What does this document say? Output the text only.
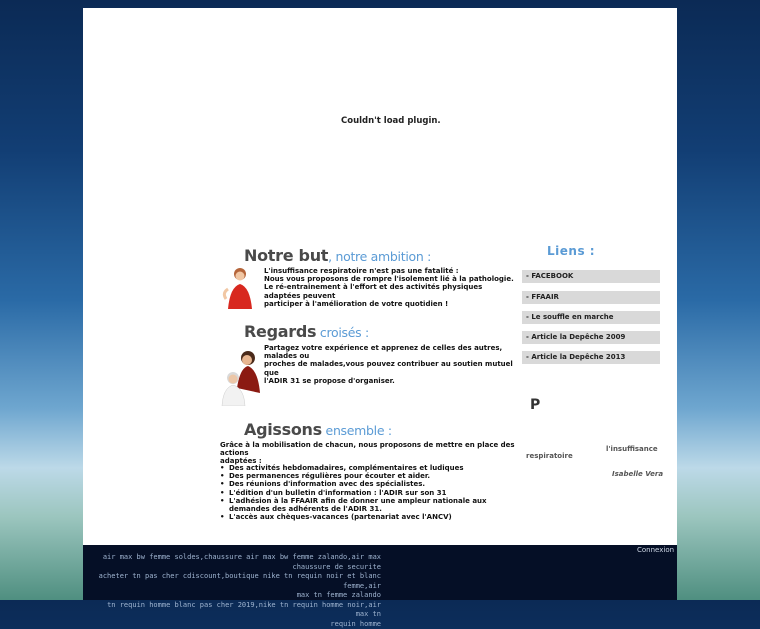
Couldn't load plugin.
Notre but, notre ambition :
L'insuffisance respiratoire n'est pas une fatalité :
Nous vous proposons de rompre l'isolement lié à la pathologie.
Le ré-entrainement à l'effort et des activités physiques adaptées peuvent
participer à l'amélioration de votre quotidien !
Regards croisés :
Partagez votre expérience et apprenez de celles des autres, malades ou
proches de malades,vous pouvez contribuer au soutien mutuel que
l'ADIR 31 se propose d'organiser.
Agissons ensemble :
Grâce à la mobilisation de chacun, nous proposons de mettre en place des actions
adaptées :
• Des activités hebdomadaires, complémentaires et ludiques
• Des permanences régulières pour écouter et aider.
• Des réunions d'information avec des spécialistes.
• L'édition d'un bulletin d'information : l'ADIR sur son 31
• L'adhésion à la FFAAIR afin de donner une ampleur nationale aux demandes des adhérents de l'ADIR 31.
• L'accès aux chèques-vacances (partenariat avec l'ANCV)
Liens :
- FACEBOOK
- FFAAIR
- Le souffle en marche
- Article la Depêche 2009
- Article la Depêche 2013
P
l'insuffisance
respiratoire
Isabelle Vera
air max bw femme soldes,chaussure air max bw femme zalando,air max
chaussure de securite
acheter tn pas cher cdiscount,boutique nike tn requin noir et blanc femme,air
max tn femme zalando
tn requin homme blanc pas cher 2019,nike tn requin homme noir,air max tn
requin homme
Connexion
